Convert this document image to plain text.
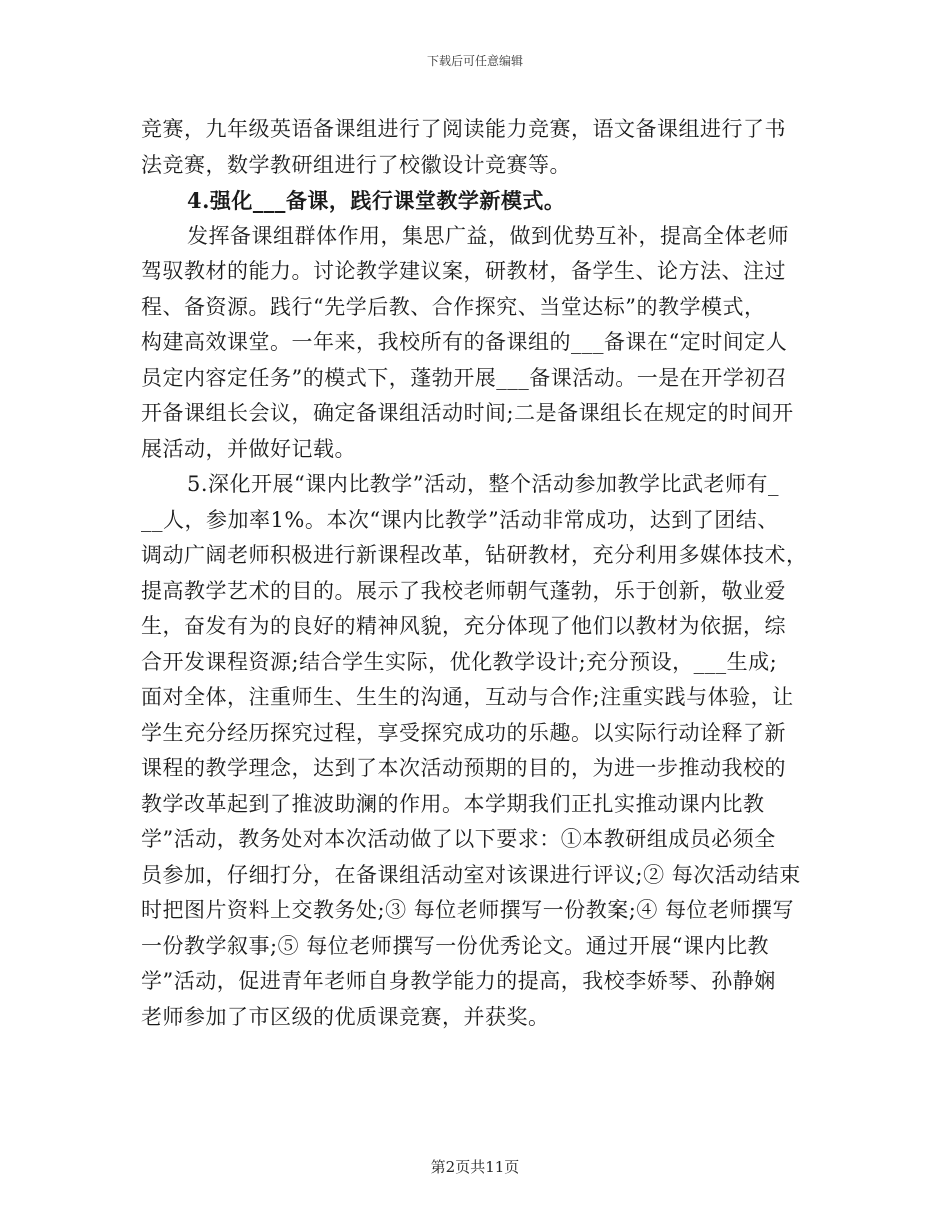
下载后可任意编辑
竞赛，九年级英语备课组进行了阅读能力竞赛，语文备课组进行了书
法竞赛，数学教研组进行了校徽设计竞赛等。
4.强化___备课，践行课堂教学新模式。
发挥备课组群体作用，集思广益，做到优势互补，提高全体老师
驾驭教材的能力。讨论教学建议案，研教材，备学生、论方法、注过
程、备资源。践行“先学后教、合作探究、当堂达标”的教学模式，
构建高效课堂。一年来，我校所有的备课组的___备课在“定时间定人
员定内容定任务”的模式下，蓬勃开展___备课活动。一是在开学初召
开备课组长会议，确定备课组活动时间;二是备课组长在规定的时间开
展活动，并做好记载。
5.深化开展“课内比教学”活动，整个活动参加教学比武老师有_
__人，参加率1%。本次“课内比教学”活动非常成功，达到了团结、
调动广阔老师积极进行新课程改革，钻研教材，充分利用多媒体技术，
提高教学艺术的目的。展示了我校老师朝气蓬勃，乐于创新，敬业爱
生，奋发有为的良好的精神风貌，充分体现了他们以教材为依据，综
合开发课程资源;结合学生实际，优化教学设计;充分预设，___生成;
面对全体，注重师生、生生的沟通，互动与合作;注重实践与体验，让
学生充分经历探究过程，享受探究成功的乐趣。以实际行动诠释了新
课程的教学理念，达到了本次活动预期的目的，为进一步推动我校的
教学改革起到了推波助澜的作用。本学期我们正扎实推动课内比教
学”活动，教务处对本次活动做了以下要求：①本教研组成员必须全
员参加，仔细打分，在备课组活动室对该课进行评议;② 每次活动结束
时把图片资料上交教务处;③ 每位老师撰写一份教案;④ 每位老师撰写
一份教学叙事;⑤ 每位老师撰写一份优秀论文。通过开展“课内比教
学”活动，促进青年老师自身教学能力的提高，我校李娇琴、孙静娴
老师参加了市区级的优质课竞赛，并获奖。
第2页共11页
